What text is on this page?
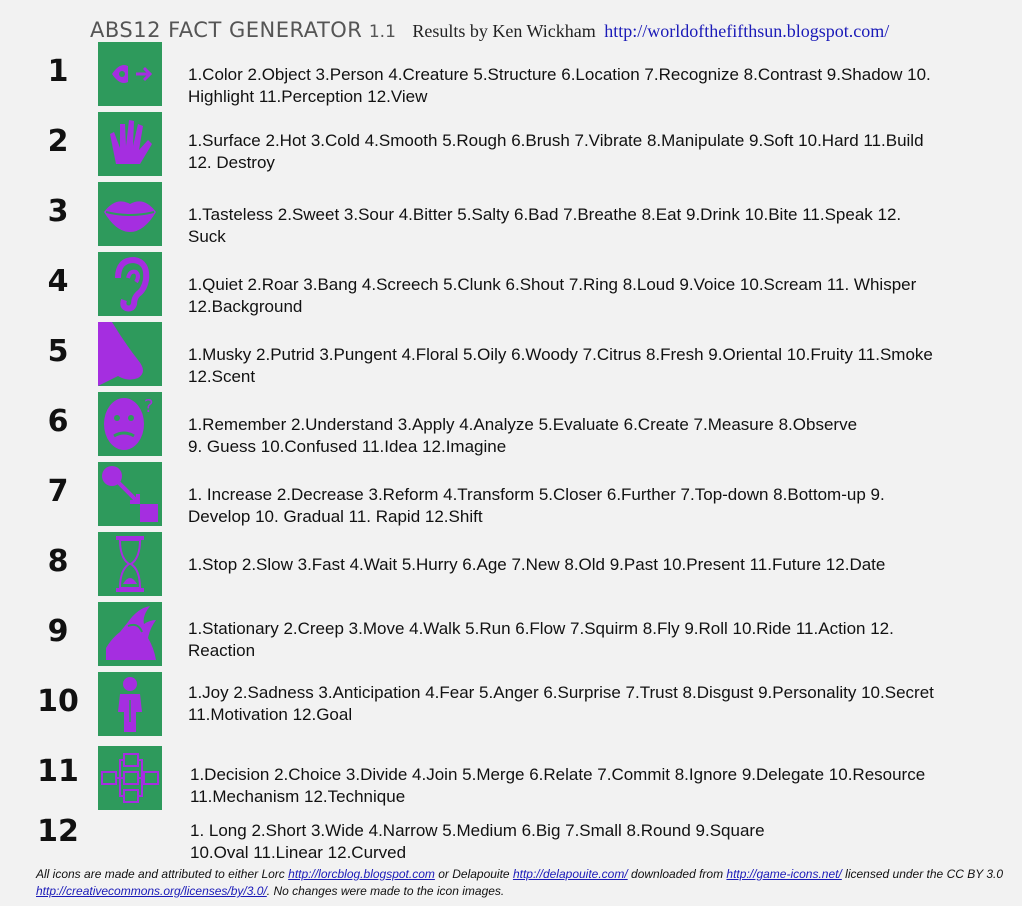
ABS12 FACT GENERATOR 1.1 Results by Ken Wickham http://worldofthefifthsun.blogspot.com/
1	1.Color 2.Object 3.Person 4.Creature 5.Structure 6.Location 7.Recognize 8.Contrast 9.Shadow 10.
Highlight 11.Perception 12.View
2	1.Surface 2.Hot 3.Cold 4.Smooth 5.Rough 6.Brush 7.Vibrate 8.Manipulate 9.Soft 10.Hard 11.Build
12. Destroy
3	1.Tasteless 2.Sweet 3.Sour 4.Bitter 5.Salty 6.Bad 7.Breathe 8.Eat 9.Drink 10.Bite 11.Speak 12.
Suck
4	1.Quiet 2.Roar 3.Bang 4.Screech 5.Clunk 6.Shout 7.Ring 8.Loud 9.Voice 10.Scream 11. Whisper
12.Background
5	1.Musky 2.Putrid 3.Pungent 4.Floral 5.Oily 6.Woody 7.Citrus 8.Fresh 9.Oriental 10.Fruity 11.Smoke
12.Scent
6	?
1.Remember 2.Understand 3.Apply 4.Analyze 5.Evaluate 6.Create 7.Measure 8.Observe
9. Guess 10.Confused 11.Idea 12.Imagine
7	1. Increase 2.Decrease 3.Reform 4.Transform 5.Closer 6.Further 7.Top-down 8.Bottom-up 9.
Develop 10. Gradual 11. Rapid 12.Shift
8	1.Stop 2.Slow 3.Fast 4.Wait 5.Hurry 6.Age 7.New 8.Old 9.Past 10.Present 11.Future 12.Date
9	1.Stationary 2.Creep 3.Move 4.Walk 5.Run 6.Flow 7.Squirm 8.Fly 9.Roll 10.Ride 11.Action 12.
Reaction
10	1.Joy 2.Sadness 3.Anticipation 4.Fear 5.Anger 6.Surprise 7.Trust 8.Disgust 9.Personality 10.Secret
11.Motivation 12.Goal
11	1.Decision 2.Choice 3.Divide 4.Join 5.Merge 6.Relate 7.Commit 8.Ignore 9.Delegate 10.Resource
11.Mechanism 12.Technique
12	1. Long 2.Short 3.Wide 4.Narrow 5.Medium 6.Big 7.Small 8.Round 9.Square
10.Oval 11.Linear 12.Curved
All icons are made and attributed to either Lorc http://lorcblog.blogspot.com or Delapouite http://delapouite.com/ downloaded from http://game-icons.net/ licensed under the CC BY 3.0 http://creativecommons.org/licenses/by/3.0/. No changes were made to the icon images.
